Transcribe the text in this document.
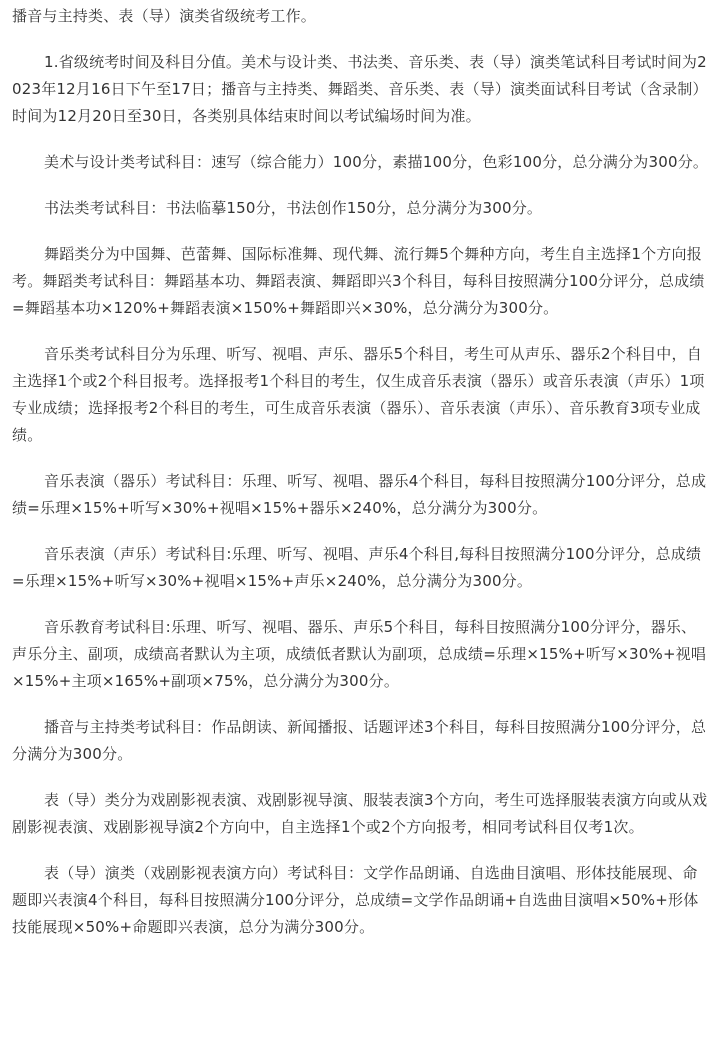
播音与主持类、表（导）演类省级统考工作。

1.省级统考时间及科目分值。美术与设计类、书法类、音乐类、表（导）演类笔试科目考试时间为2023年12月16日下午至17日；播音与主持类、舞蹈类、音乐类、表（导）演类面试科目考试（含录制）时间为12月20日至30日，各类别具体结束时间以考试编场时间为准。

美术与设计类考试科目：速写（综合能力）100分，素描100分，色彩100分，总分满分为300分。

书法类考试科目：书法临摹150分，书法创作150分，总分满分为300分。

舞蹈类分为中国舞、芭蕾舞、国际标准舞、现代舞、流行舞5个舞种方向，考生自主选择1个方向报考。舞蹈类考试科目：舞蹈基本功、舞蹈表演、舞蹈即兴3个科目，每科目按照满分100分评分，总成绩=舞蹈基本功×120%+舞蹈表演×150%+舞蹈即兴×30%，总分满分为300分。

音乐类考试科目分为乐理、听写、视唱、声乐、器乐5个科目，考生可从声乐、器乐2个科目中，自主选择1个或2个科目报考。选择报考1个科目的考生，仅生成音乐表演（器乐）或音乐表演（声乐）1项专业成绩；选择报考2个科目的考生，可生成音乐表演（器乐）、音乐表演（声乐）、音乐教育3项专业成绩。

音乐表演（器乐）考试科目：乐理、听写、视唱、器乐4个科目，每科目按照满分100分评分，总成绩=乐理×15%+听写×30%+视唱×15%+器乐×240%，总分满分为300分。

音乐表演（声乐）考试科目:乐理、听写、视唱、声乐4个科目,每科目按照满分100分评分，总成绩=乐理×15%+听写×30%+视唱×15%+声乐×240%，总分满分为300分。

音乐教育考试科目:乐理、听写、视唱、器乐、声乐5个科目，每科目按照满分100分评分，器乐、声乐分主、副项，成绩高者默认为主项，成绩低者默认为副项，总成绩=乐理×15%+听写×30%+视唱×15%+主项×165%+副项×75%，总分满分为300分。

播音与主持类考试科目：作品朗读、新闻播报、话题评述3个科目，每科目按照满分100分评分，总分满分为300分。

表（导）类分为戏剧影视表演、戏剧影视导演、服装表演3个方向，考生可选择服装表演方向或从戏剧影视表演、戏剧影视导演2个方向中，自主选择1个或2个方向报考，相同考试科目仅考1次。

表（导）演类（戏剧影视表演方向）考试科目：文学作品朗诵、自选曲目演唱、形体技能展现、命题即兴表演4个科目，每科目按照满分100分评分，总成绩=文学作品朗诵+自选曲目演唱×50%+形体技能展现×50%+命题即兴表演，总分为满分300分。
